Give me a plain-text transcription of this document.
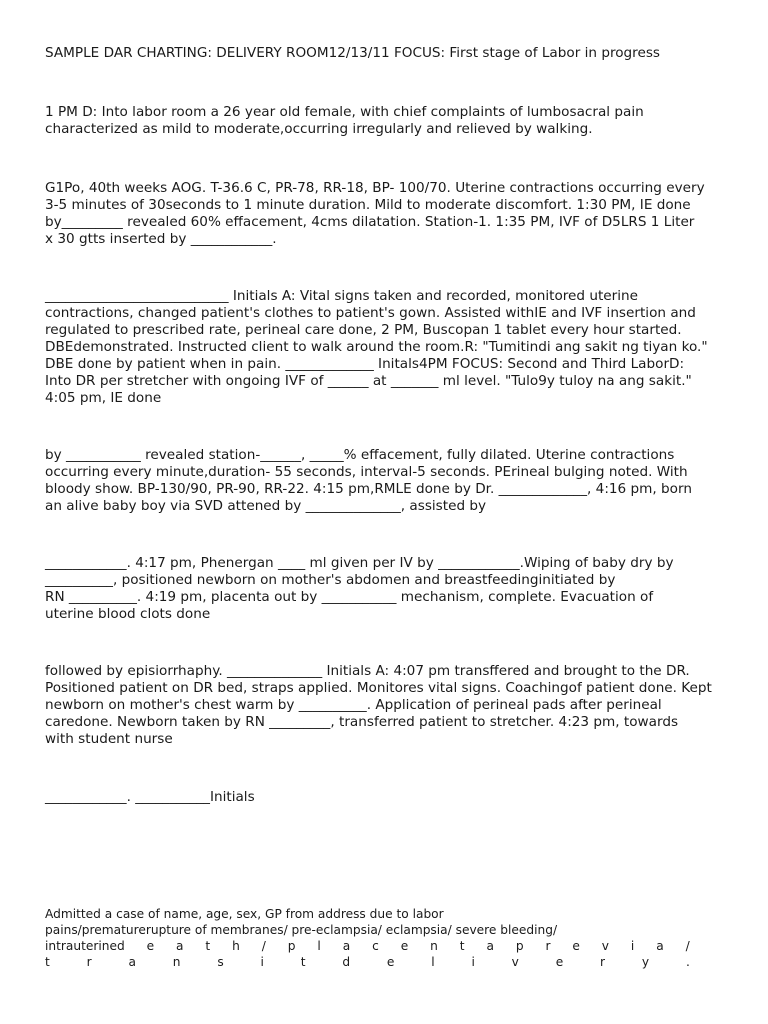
SAMPLE DAR CHARTING: DELIVERY ROOM12/13/11 FOCUS: First stage of Labor in progress
1 PM D: Into labor room a 26 year old female, with chief complaints of lumbosacral pain
characterized as mild to moderate,occurring irregularly and relieved by walking.
G1Po, 40th weeks AOG. T-36.6 C, PR-78, RR-18, BP- 100/70. Uterine contractions occurring every
3-5 minutes of 30seconds to 1 minute duration. Mild to moderate discomfort. 1:30 PM, IE done
by_________ revealed 60% effacement, 4cms dilatation. Station-1. 1:35 PM, IVF of D5LRS 1 Liter
x 30 gtts inserted by ____________.
___________________________ Initials A: Vital signs taken and recorded, monitored uterine
contractions, changed patient's clothes to patient's gown. Assisted withIE and IVF insertion and
regulated to prescribed rate, perineal care done, 2 PM, Buscopan 1 tablet every hour started.
DBEdemonstrated. Instructed client to walk around the room.R: "Tumitindi ang sakit ng tiyan ko."
DBE done by patient when in pain. _____________ Initals4PM FOCUS: Second and Third LaborD:
Into DR per stretcher with ongoing IVF of ______ at _______ ml level. "Tulo9y tuloy na ang sakit."
4:05 pm, IE done
by ___________ revealed station-______, _____% effacement, fully dilated. Uterine contractions
occurring every minute,duration- 55 seconds, interval-5 seconds. PErineal bulging noted. With
bloody show. BP-130/90, PR-90, RR-22. 4:15 pm,RMLE done by Dr. _____________, 4:16 pm, born
an alive baby boy via SVD attened by ______________, assisted by
____________. 4:17 pm, Phenergan ____ ml given per IV by ____________.Wiping of baby dry by
__________, positioned newborn on mother's abdomen and breastfeedinginitiated by
RN __________. 4:19 pm, placenta out by ___________ mechanism, complete. Evacuation of
uterine blood clots done
followed by episiorrhaphy. ______________ Initials A: 4:07 pm transffered and brought to the DR.
Positioned patient on DR bed, straps applied. Monitores vital signs. Coachingof patient done. Kept
newborn on mother's chest warm by __________. Application of perineal pads after perineal
caredone. Newborn taken by RN _________, transferred patient to stretcher. 4:23 pm, towards
with student nurse
____________. ___________Initials
Admitted a case of name, age, sex, GP from address due to labor
pains/prematurerupture of membranes/ pre-eclampsia/ eclampsia/ severe bleeding/
intrauterined e a t h / p l a c e n t a p r e v i a /
t	r	a	n	s	i	t	d	e	l	i	v	e	r	y	.
